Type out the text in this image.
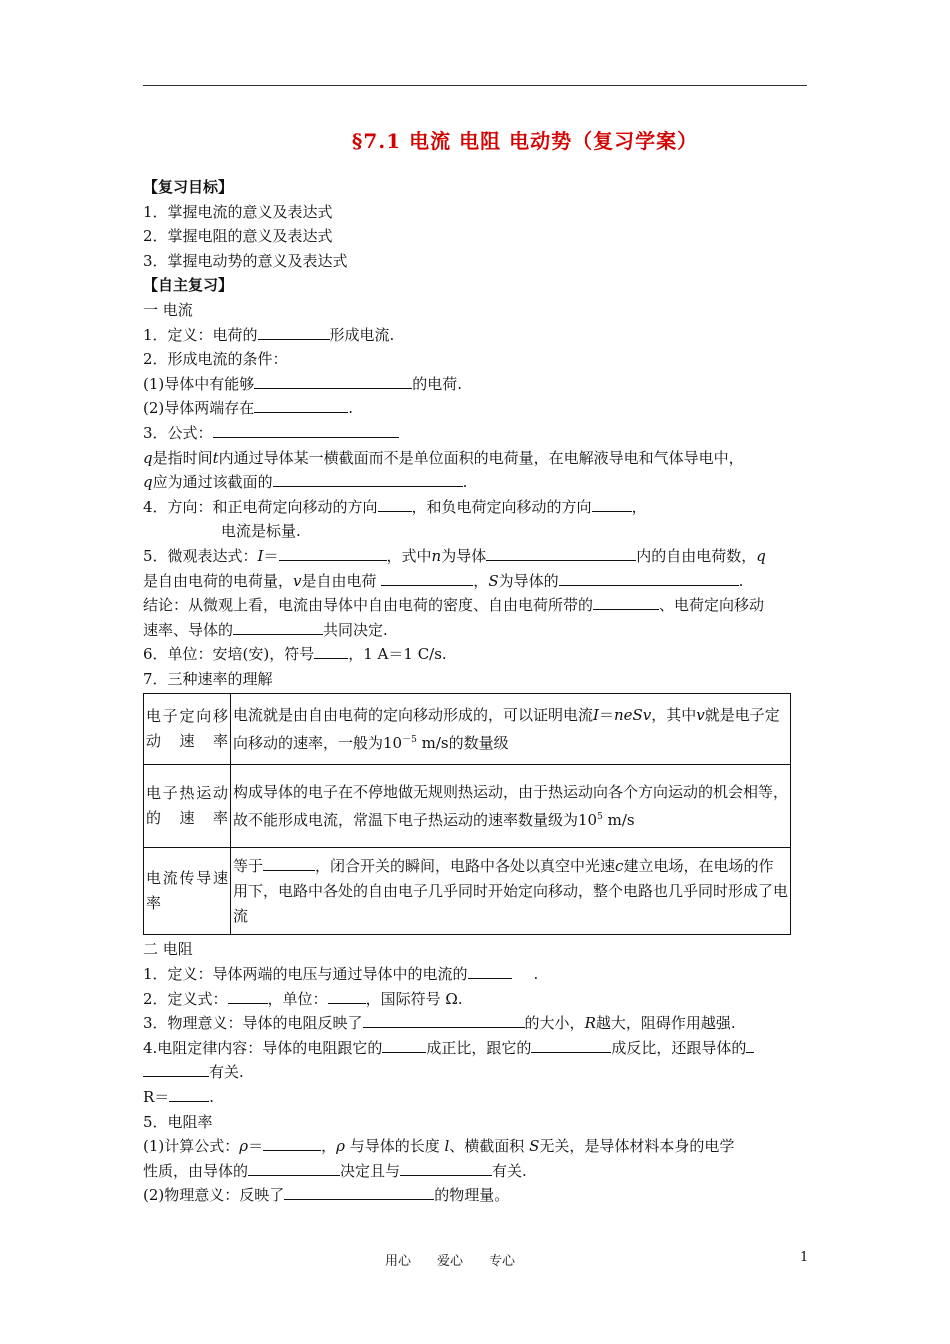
§7.1 电流 电阻 电动势（复习学案）
【复习目标】
1．掌握电流的意义及表达式
2．掌握电阻的意义及表达式
3．掌握电动势的意义及表达式
【自主复习】
一 电流
1．定义：电荷的	形成电流.
2．形成电流的条件：
(1)导体中有能够	的电荷.
(2)导体两端存在	.
3．公式：
q是指时间t内通过导体某一横截面而不是单位面积的电荷量，在电解液导电和气体导电中，
q应为通过该截面的	.
4．方向：和正电荷定向移动的方向 ，和负电荷定向移动的方向	，
电流是标量.
5．微观表达式：I＝	，式中n为导体	内的自由电荷数，q
是自由电荷的电荷量，v是自由电荷	，S为导体的	.
结论：从微观上看，电流由导体中自由电荷的密度、自由电荷所带的	、电荷定向移动
速率、导体的	共同决定.
6．单位：安培(安)，符号 ，1 A＝1 C/s.
7．三种速率的理解
电子定向移动速率	电流就是由自由电荷的定向移动形成的，可以证明电流I＝neSv，其中v就是电子定向移动的速率，一般为$10^{-5}$ m/s的数量级
电子热运动的速率	构成导体的电子在不停地做无规则热运动，由于热运动向各个方向运动的机会相等，故不能形成电流，常温下电子热运动的速率数量级为$10^5$ m/s
电流传导速率	等于 ，闭合开关的瞬间，电路中各处以真空中光速c建立电场，在电场的作用下，电路中各处的自由电子几乎同时开始定向移动，整个电路也几乎同时形成了电流
二 电阻
1．定义：导体两端的电压与通过导体中的电流的	.
2．定义式：	，单位：	，国际符号 Ω.
3．物理意义：导体的电阻反映了	的大小，R越大，阻碍作用越强.
4.电阻定律内容：导体的电阻跟它的	成正比，跟它的	成反比，还跟导体的
有关.
R＝	.
5．电阻率
(1)计算公式：ρ＝	，ρ 与导体的长度 l、横截面积 S无关，是导体材料本身的电学
性质，由导体的	决定且与	有关.
(2)物理意义：反映了	的物理量。
用心　　爱心　　专心	1
